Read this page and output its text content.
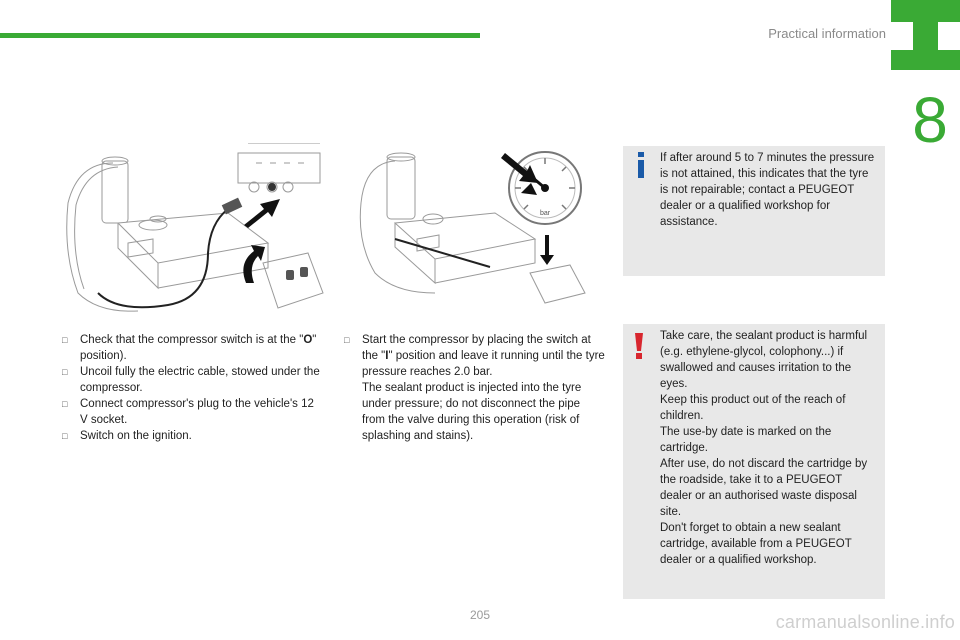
Practical information
8
bar
□ Check that the compressor switch is at the "O" position).
□ Uncoil fully the electric cable, stowed under the compressor.
□ Connect compressor's plug to the vehicle's 12 V socket.
□ Switch on the ignition.
□ Start the compressor by placing the switch at the "I" position and leave it running until the tyre pressure reaches 2.0 bar.
The sealant product is injected into the tyre under pressure; do not disconnect the pipe from the valve during this operation (risk of splashing and stains).
If after around 5 to 7 minutes the pressure is not attained, this indicates that the tyre is not repairable; contact a PEUGEOT dealer or a qualified workshop for assistance.

Take care, the sealant product is harmful (e.g. ethylene-glycol, colophony...) if swallowed and causes irritation to the eyes.

Keep this product out of the reach of children.

The use-by date is marked on the cartridge.

After use, do not discard the cartridge by the roadside, take it to a PEUGEOT dealer or an authorised waste disposal site.

Don't forget to obtain a new sealant cartridge, available from a PEUGEOT dealer or a qualified workshop.

205	carmanualsonline.info
